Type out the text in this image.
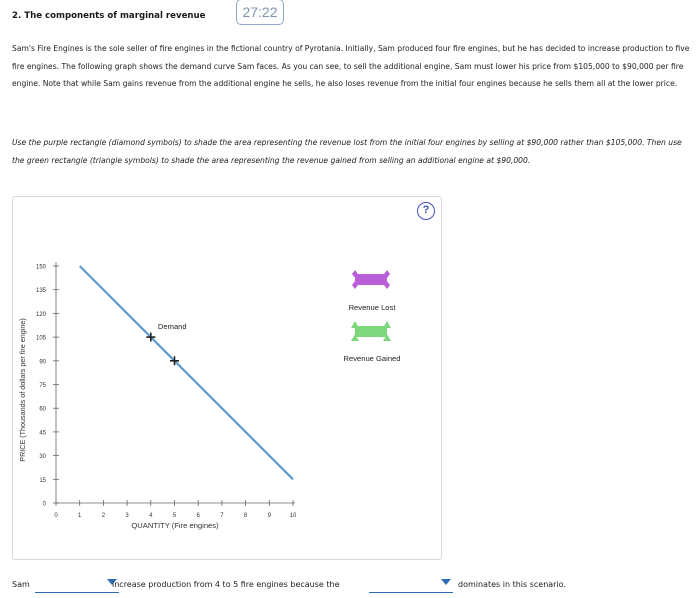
2. The components of marginal revenue	27:22

Sam's Fire Engines is the sole seller of fire engines in the fictional country of Pyrotania. Initially, Sam produced four fire engines, but he has decided to increase production to five fire engines. The following graph shows the demand curve Sam faces. As you can see, to sell the additional engine, Sam must lower his price from $105,000 to $90,000 per fire engine. Note that while Sam gains revenue from the additional engine he sells, he also loses revenue from the initial four engines because he sells them all at the lower price.

Use the purple rectangle (diamond symbols) to shade the area representing the revenue lost from the initial four engines by selling at $90,000 rather than $105,000. Then use the green rectangle (triangle symbols) to shade the area representing the revenue gained from selling an additional engine at $90,000.

?
0
15
30
45
60
75
90
105
120
135
150
0	1	2	3	4	5	6	7	8	9	10
Demand
PRICE (Thousands of dollars per fire engine)
QUANTITY (Fire engines)
Revenue Lost
Revenue Gained
Sam	increase production from 4 to 5 fire engines because the	dominates in this scenario.
